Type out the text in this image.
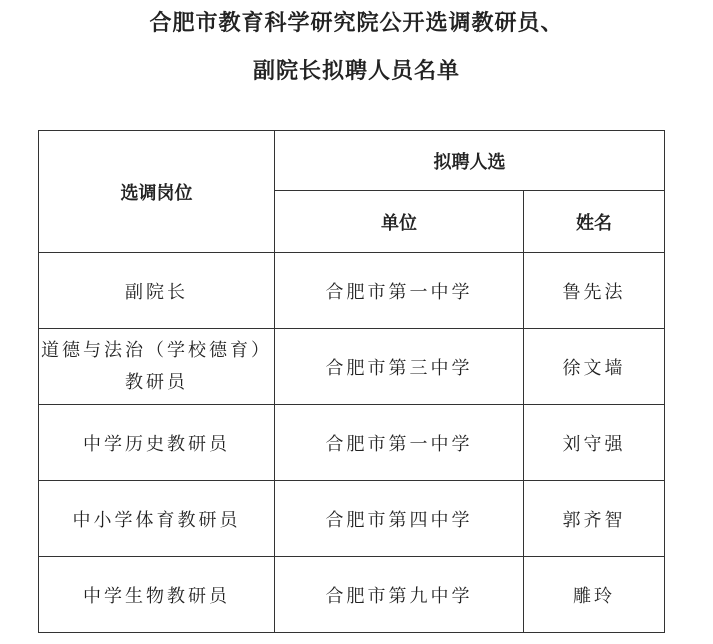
合肥市教育科学研究院公开选调教研员、
副院长拟聘人员名单
选调岗位	拟聘人选	
	单位	姓名
副院长	合肥市第一中学	鲁先法

道德与法治（学校德育）
教研员	合肥市第三中学	徐文墙
中学历史教研员	合肥市第一中学	刘守强
中小学体育教研员	合肥市第四中学	郭齐智
中学生物教研员	合肥市第九中学	雕玲
